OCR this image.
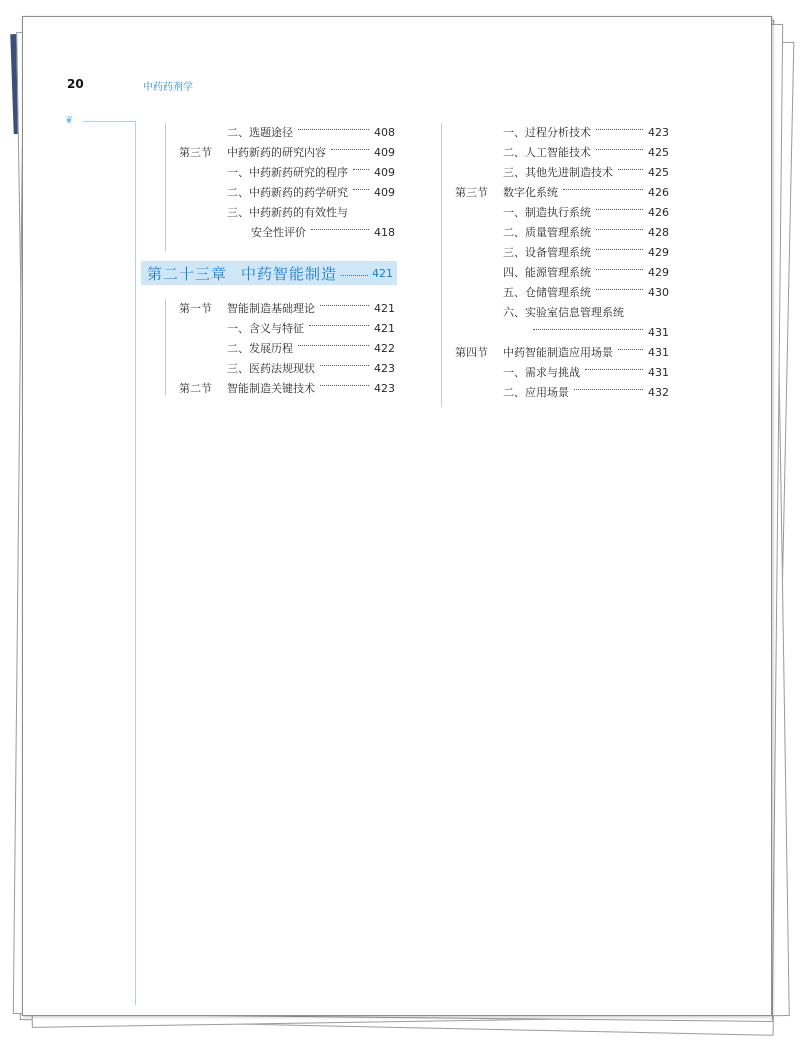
20	中药药剂学
❦
二、选题途径	408
第三节	中药新药的研究内容	409
一、中药新药研究的程序 409
二、中药新药的药学研究 409
三、中药新药的有效性与
安全性评价	418
第二十三章 中药智能制造	421
第一节	智能制造基础理论	421
一、含义与特征	421
二、发展历程	422
三、医药法规现状	423
第二节	智能制造关键技术	423
一、过程分析技术	423
二、人工智能技术	425
三、其他先进制造技术	425
第三节	数字化系统	426
一、制造执行系统	426
二、质量管理系统	428
三、设备管理系统	429
四、能源管理系统	429
五、仓储管理系统	430
六、实验室信息管理系统
431
第四节	中药智能制造应用场景	431
一、需求与挑战	431
二、应用场景	432
